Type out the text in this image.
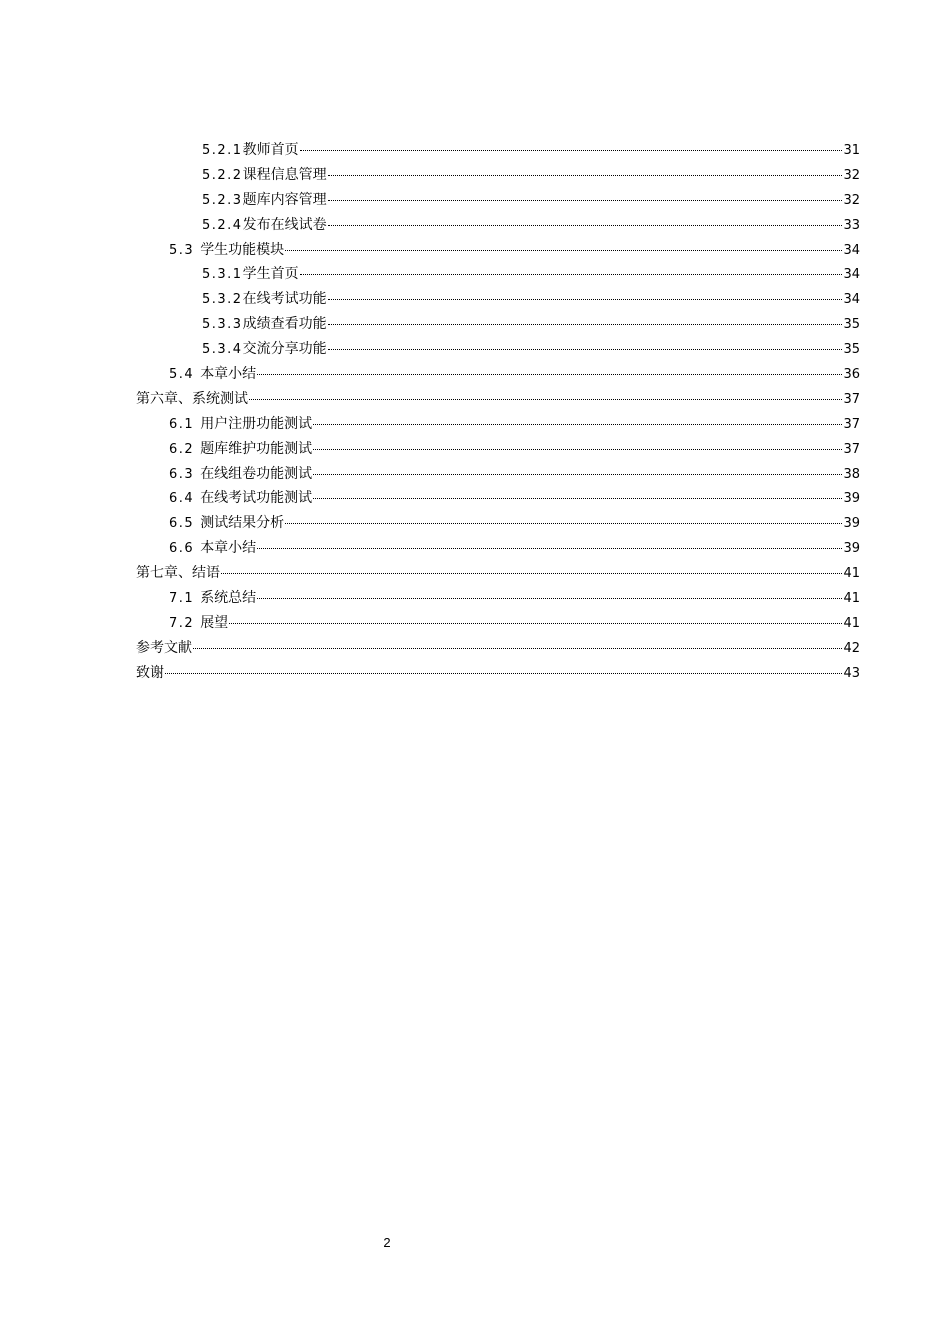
5.2.1 教师首页	31
5.2.2 课程信息管理	32
5.2.3 题库内容管理	32
5.2.4 发布在线试卷	33
5.3 学生功能模块	34
5.3.1 学生首页	34
5.3.2 在线考试功能	34
5.3.3 成绩查看功能	35
5.3.4 交流分享功能	35
5.4 本章小结	36
第六章、系统测试	37
6.1 用户注册功能测试	37
6.2 题库维护功能测试	37
6.3 在线组卷功能测试	38
6.4 在线考试功能测试	39
6.5 测试结果分析	39
6.6 本章小结	39
第七章、结语	41
7.1 系统总结	41
7.2 展望	41
参考文献	42
致谢	43
2
